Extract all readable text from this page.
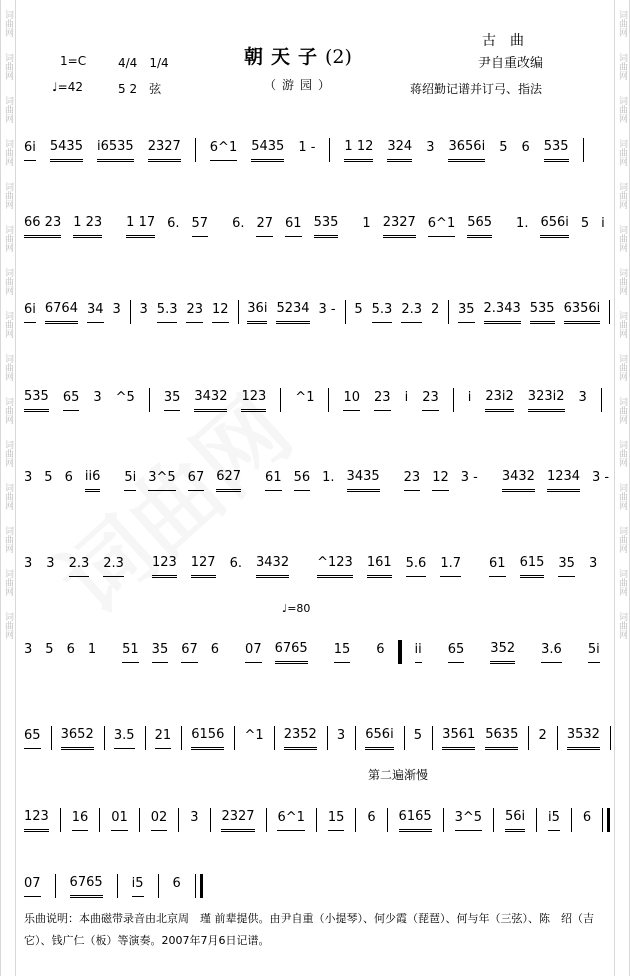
词曲网
词曲网
词曲网
词曲网
词曲网
词曲网
词曲网
词曲网
词曲网
词曲网
词曲网
词曲网
词曲网
词曲网
词曲网
词曲网
词曲网
词曲网
词曲网
词曲网
词曲网
词曲网
词曲网
词曲网
词曲网
词曲网
词曲网
词曲网
词曲网
词曲网
朝天子(2)
（游园）
古　曲
尹自重改编
1=C	4/4　1/4
♩=42	5 2　弦	蒋绍勤记谱并订弓、指法
6i 5435 i6535 2327 6^1 5435 1 - 1 12 324 3 3656i 5 6 535
66 23 1 23 1 17 6. 57 6. 27 61 535 1 2327 6^1 565 1. 656i 5 i
6i 6764 34 3 3 5.3 23 12 36i 5234 3 - 5 5.3 2.3 2 35 2.343 535 6356i
535 65 3 ^5 35 3432 123 ^1 10 23 i 23 i 23i2 323i2 3
3 5 6 ii6 5i 3^5 67 627 61 56 1. 3435 23 12 3 - 3432 1234 3 -
3 3 2.3 2.3 123 127 6. 3432 ^123 161 5.6 1.7 61 615 35 3
3 5 6 1 51 35 67 6 07 6765 15 6 ii 65 352 3.6 5i
65 3652 3.5 21 6156 ^1 2352 3 656i 5 3561 5635 2 3532
123 16 01 02 3 2327 6^1 15 6 6165 3^5 56i i5 6
07 6765 i5 6
♩=80
第二遍渐慢
乐曲说明：本曲磁带录音由北京周　瑾 前辈提供。由尹自重（小提琴）、何少霞（琵琶）、何与年（三弦）、陈　绍（吉它）、钱广仁（板）等演奏。2007年7月6日记谱。
